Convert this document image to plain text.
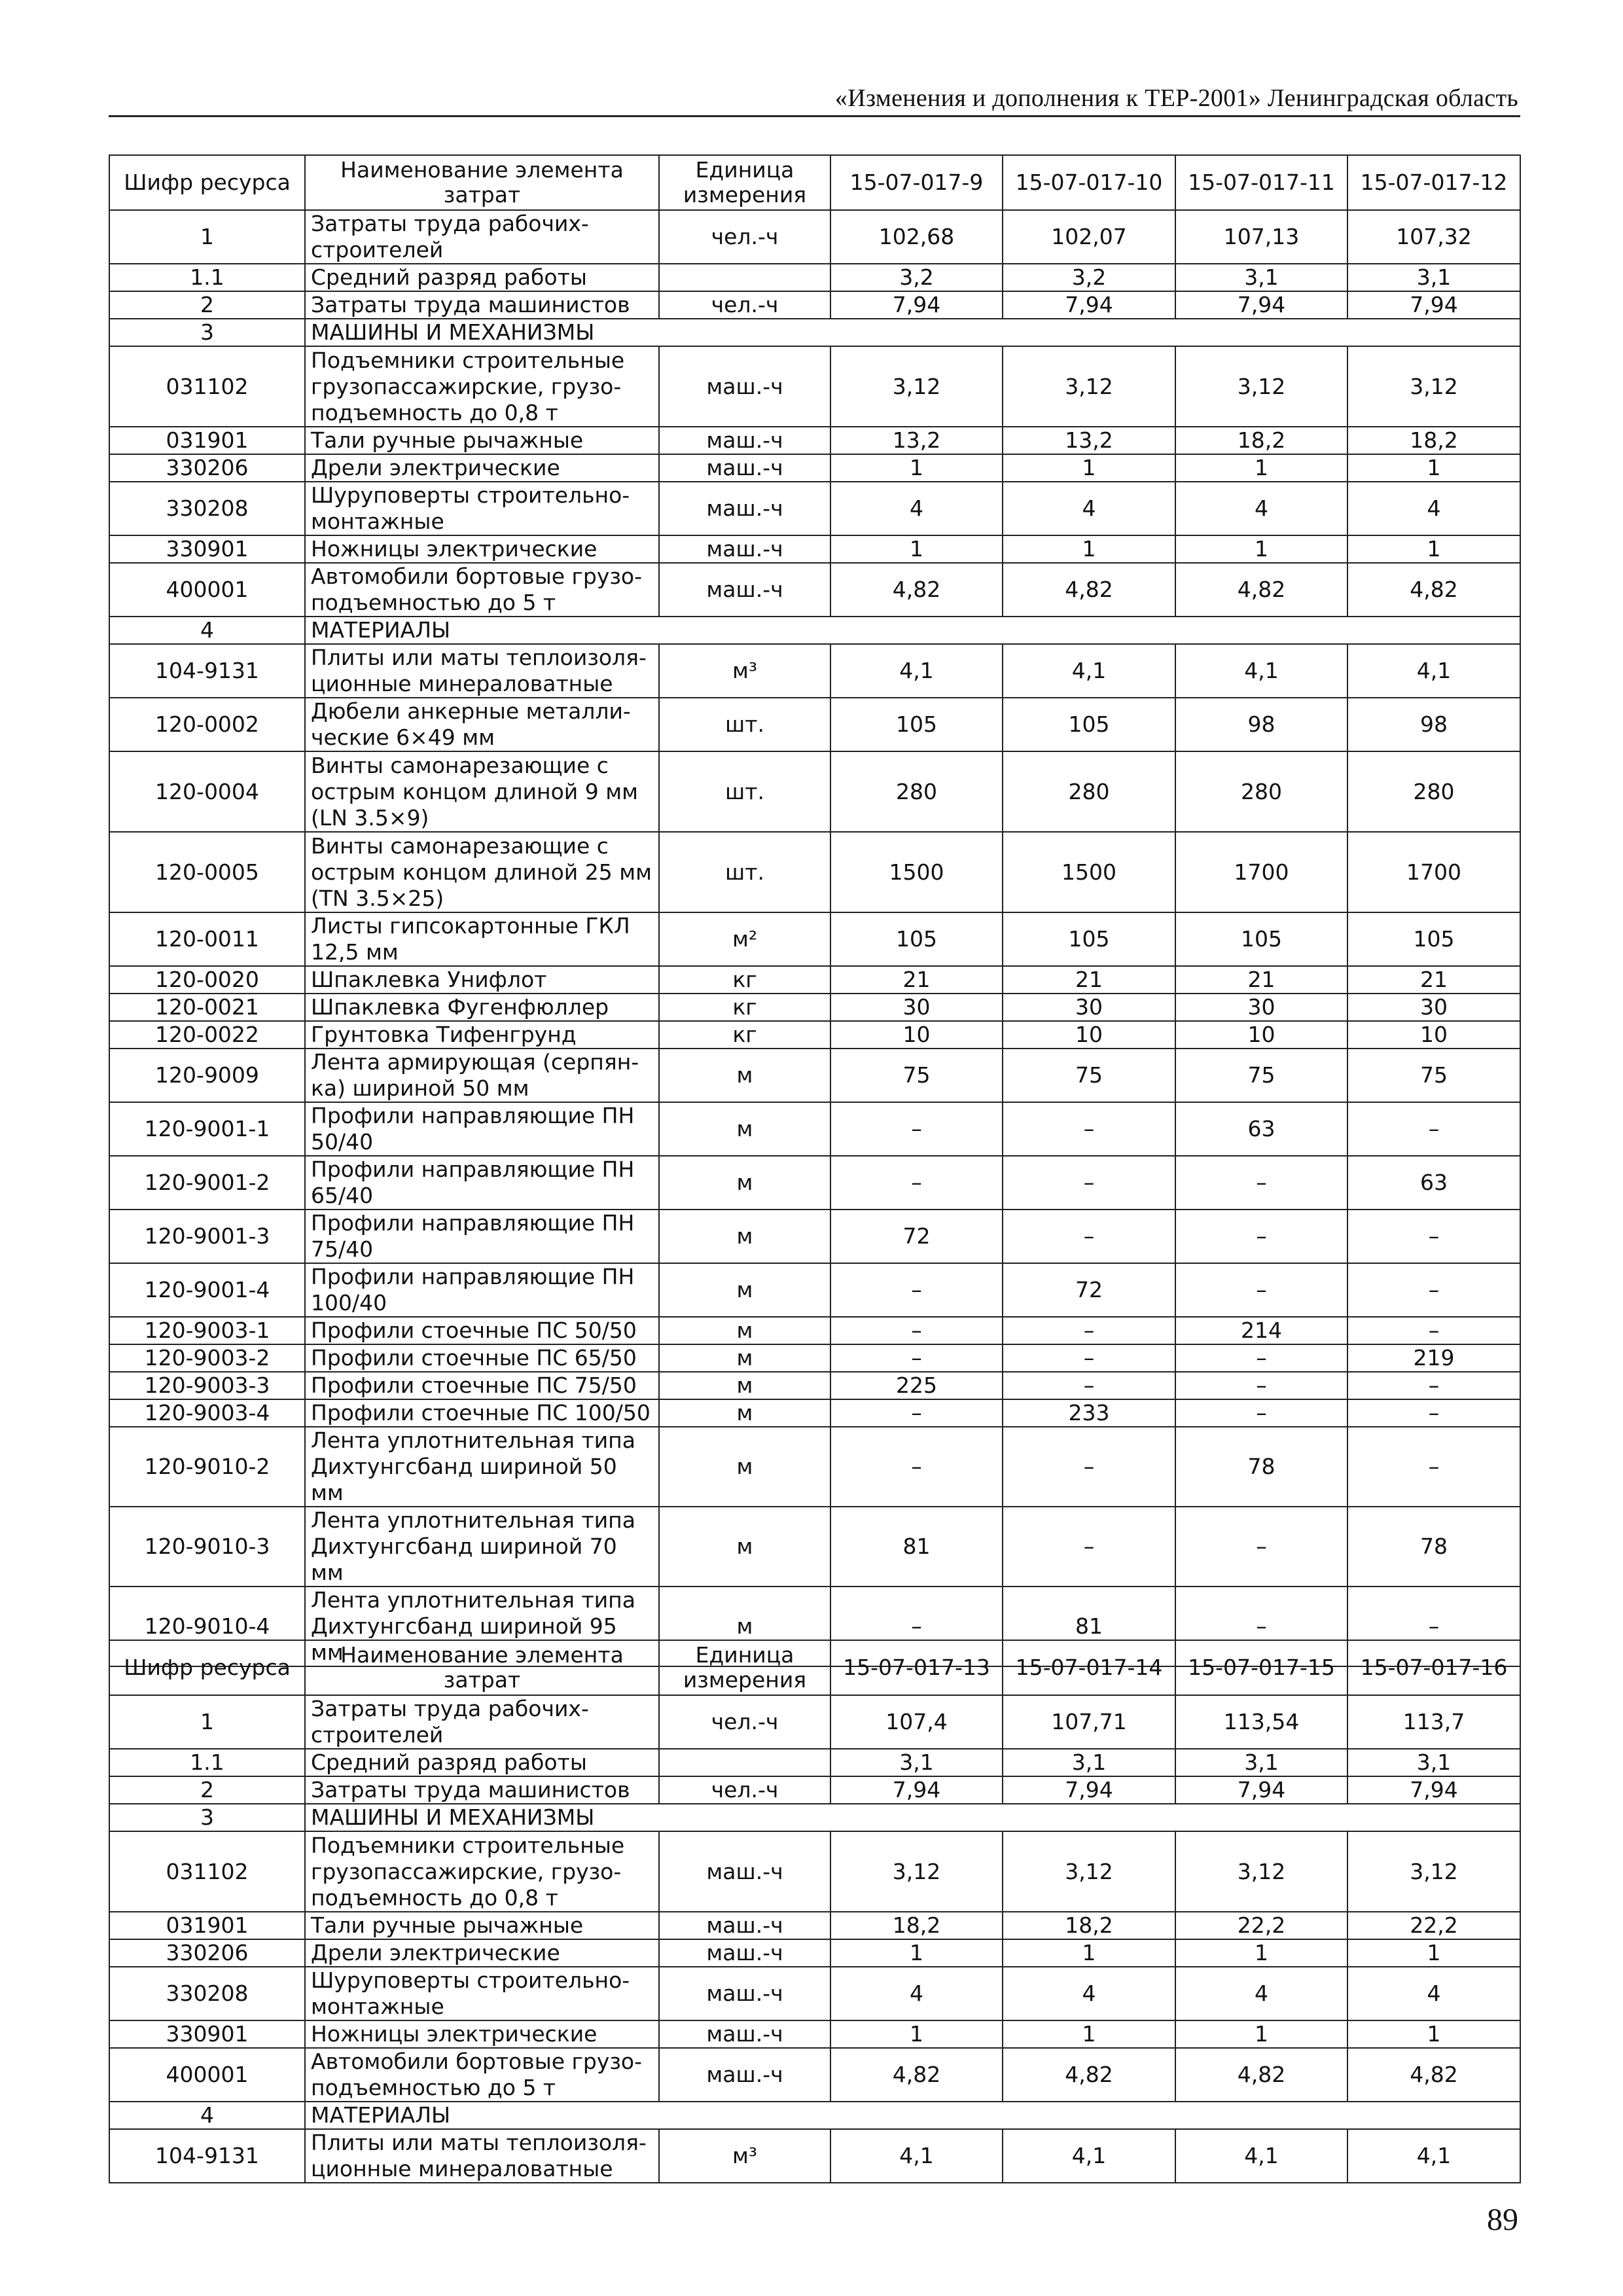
«Изменения и дополнения к ТЕР-2001» Ленинградская область
Шифр ресурса	Наименование элемента затрат	Единица измерения	15-07-017-9	15-07-017-10	15-07-017-11	15-07-017-12
1	Затраты труда рабочих-строителей	чел.-ч	102,68	102,07	107,13	107,32
1.1	Средний разряд работы		3,2	3,2	3,1	3,1
2	Затраты труда машинистов	чел.-ч	7,94	7,94	7,94	7,94
3	МАШИНЫ И МЕХАНИЗМЫ					
031102	Подъемники строительные грузопассажирские, грузо-подъемность до 0,8 т	маш.-ч	3,12	3,12	3,12	3,12
031901	Тали ручные рычажные	маш.-ч	13,2	13,2	18,2	18,2
330206	Дрели электрические	маш.-ч	1	1	1	1
330208	Шуруповерты строительно-монтажные	маш.-ч	4	4	4	4
330901	Ножницы электрические	маш.-ч	1	1	1	1
400001	Автомобили бортовые грузо-подъемностью до 5 т	маш.-ч	4,82	4,82	4,82	4,82
4	МАТЕРИАЛЫ					
104-9131	Плиты или маты теплоизоля-ционные минераловатные	м³	4,1	4,1	4,1	4,1
120-0002	Дюбели анкерные металли-ческие 6×49 мм	шт.	105	105	98	98
120-0004	Винты самонарезающие с острым концом длиной 9 мм (LN 3.5×9)	шт.	280	280	280	280
120-0005	Винты самонарезающие с острым концом длиной 25 мм (TN 3.5×25)	шт.	1500	1500	1700	1700
120-0011	Листы гипсокартонные ГКЛ 12,5 мм	м²	105	105	105	105
120-0020	Шпаклевка Унифлот	кг	21	21	21	21
120-0021	Шпаклевка Фугенфюллер	кг	30	30	30	30
120-0022	Грунтовка Тифенгрунд	кг	10	10	10	10
120-9009	Лента армирующая (серпян-ка) шириной 50 мм	м	75	75	75	75
120-9001-1	Профили направляющие ПН 50/40	м	–	–	63	–
120-9001-2	Профили направляющие ПН 65/40	м	–	–	–	63
120-9001-3	Профили направляющие ПН 75/40	м	72	–	–	–
120-9001-4	Профили направляющие ПН 100/40	м	–	72	–	–
120-9003-1	Профили стоечные ПС 50/50	м	–	–	214	–
120-9003-2	Профили стоечные ПС 65/50	м	–	–	–	219
120-9003-3	Профили стоечные ПС 75/50	м	225	–	–	–
120-9003-4	Профили стоечные ПС 100/50	м	–	233	–	–
120-9010-2	Лента уплотнительная типа Дихтунгсбанд шириной 50 мм	м	–	–	78	–
120-9010-3	Лента уплотнительная типа Дихтунгсбанд шириной 70 мм	м	81	–	–	78
120-9010-4	Лента уплотнительная типа Дихтунгсбанд шириной 95 мм	м	–	81	–	–
Шифр ресурса	Наименование элемента затрат	Единица измерения	15-07-017-13	15-07-017-14	15-07-017-15	15-07-017-16
1	Затраты труда рабочих-строителей	чел.-ч	107,4	107,71	113,54	113,7
1.1	Средний разряд работы		3,1	3,1	3,1	3,1
2	Затраты труда машинистов	чел.-ч	7,94	7,94	7,94	7,94
3	МАШИНЫ И МЕХАНИЗМЫ					
031102	Подъемники строительные грузопассажирские, грузо-подъемность до 0,8 т	маш.-ч	3,12	3,12	3,12	3,12
031901	Тали ручные рычажные	маш.-ч	18,2	18,2	22,2	22,2
330206	Дрели электрические	маш.-ч	1	1	1	1
330208	Шуруповерты строительно-монтажные	маш.-ч	4	4	4	4
330901	Ножницы электрические	маш.-ч	1	1	1	1
400001	Автомобили бортовые грузо-подъемностью до 5 т	маш.-ч	4,82	4,82	4,82	4,82
4	МАТЕРИАЛЫ					
104-9131	Плиты или маты теплоизоля-ционные минераловатные	м³	4,1	4,1	4,1	4,1
89
